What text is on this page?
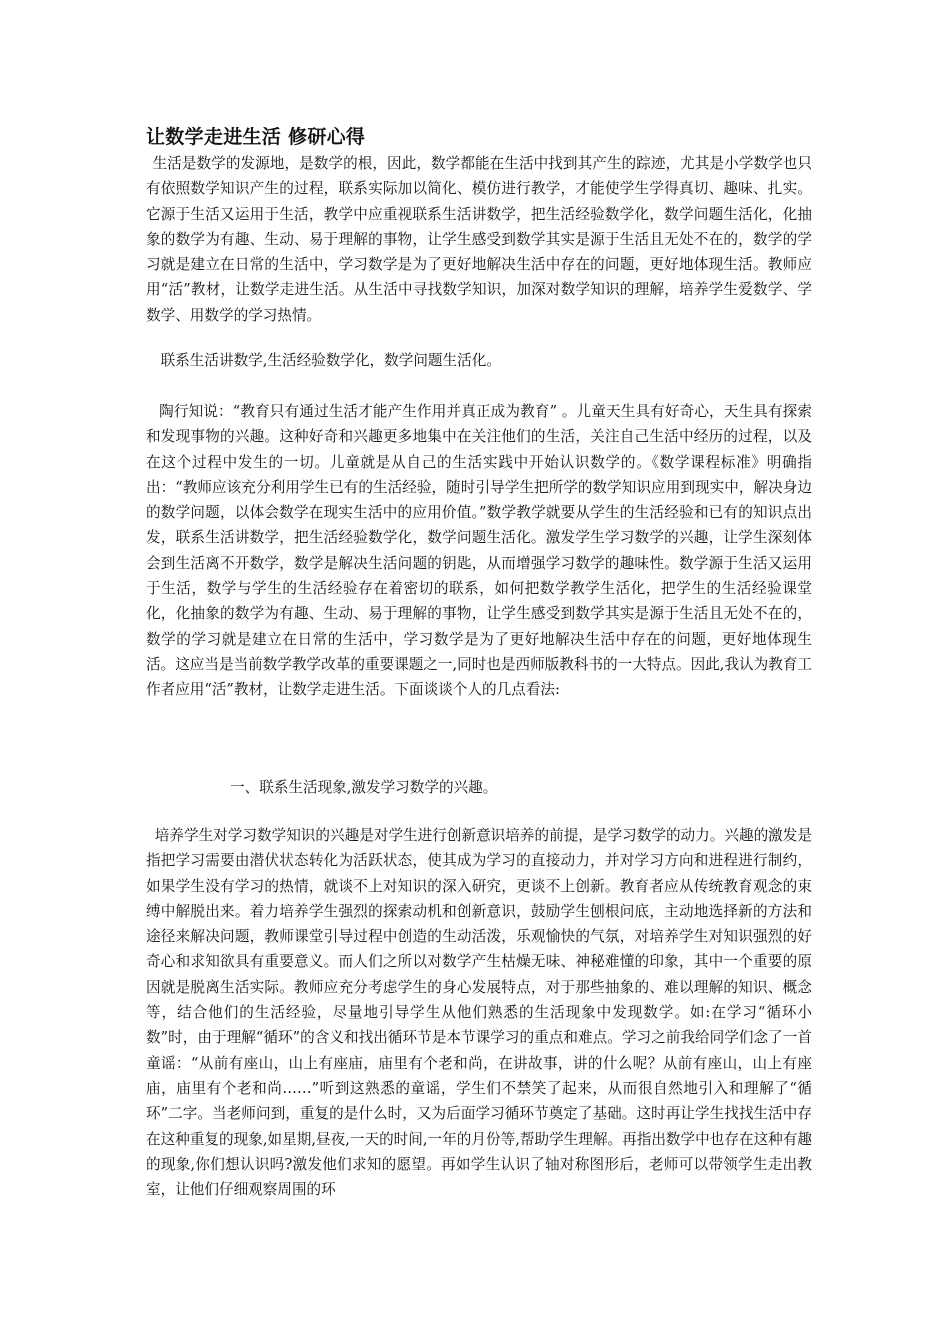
让数学走进生活 修研心得

生活是数学的发源地，是数学的根，因此，数学都能在生活中找到其产生的踪迹，尤其是小学数学也只有依照数学知识产生的过程，联系实际加以简化、模仿进行教学，才能使学生学得真切、趣味、扎实。它源于生活又运用于生活，教学中应重视联系生活讲数学，把生活经验数学化，数学问题生活化，化抽象的数学为有趣、生动、易于理解的事物，让学生感受到数学其实是源于生活且无处不在的，数学的学习就是建立在日常的生活中，学习数学是为了更好地解决生活中存在的问题，更好地体现生活。教师应用“活”教材，让数学走进生活。从生活中寻找数学知识，加深对数学知识的理解，培养学生爱数学、学数学、用数学的学习热情。

联系生活讲数学,生活经验数学化，数学问题生活化。

陶行知说：“教育只有通过生活才能产生作用并真正成为教育” 。儿童天生具有好奇心，天生具有探索和发现事物的兴趣。这种好奇和兴趣更多地集中在关注他们的生活，关注自己生活中经历的过程，以及在这个过程中发生的一切。儿童就是从自己的生活实践中开始认识数学的。《数学课程标准》明确指出：“教师应该充分利用学生已有的生活经验，随时引导学生把所学的数学知识应用到现实中，解决身边的数学问题，以体会数学在现实生活中的应用价值。”数学教学就要从学生的生活经验和已有的知识点出发，联系生活讲数学，把生活经验数学化，数学问题生活化。激发学生学习数学的兴趣，让学生深刻体会到生活离不开数学，数学是解决生活问题的钥匙，从而增强学习数学的趣味性。数学源于生活又运用于生活，数学与学生的生活经验存在着密切的联系，如何把数学教学生活化，把学生的生活经验课堂化，化抽象的数学为有趣、生动、易于理解的事物，让学生感受到数学其实是源于生活且无处不在的，数学的学习就是建立在日常的生活中，学习数学是为了更好地解决生活中存在的问题，更好地体现生活。这应当是当前数学教学改革的重要课题之一,同时也是西师版教科书的一大特点。因此,我认为教育工作者应用“活”教材，让数学走进生活。下面谈谈个人的几点看法:

一、联系生活现象,激发学习数学的兴趣。

培养学生对学习数学知识的兴趣是对学生进行创新意识培养的前提，是学习数学的动力。兴趣的激发是指把学习需要由潜伏状态转化为活跃状态，使其成为学习的直接动力，并对学习方向和进程进行制约，如果学生没有学习的热情，就谈不上对知识的深入研究，更谈不上创新。教育者应从传统教育观念的束缚中解脱出来。着力培养学生强烈的探索动机和创新意识，鼓励学生刨根问底，主动地选择新的方法和途径来解决问题，教师课堂引导过程中创造的生动活泼，乐观愉快的气氛，对培养学生对知识强烈的好奇心和求知欲具有重要意义。而人们之所以对数学产生枯燥无味、神秘难懂的印象，其中一个重要的原因就是脱离生活实际。教师应充分考虑学生的身心发展特点，对于那些抽象的、难以理解的知识、概念等，结合他们的生活经验，尽量地引导学生从他们熟悉的生活现象中发现数学。如:在学习“循环小数”时，由于理解“循环”的含义和找出循环节是本节课学习的重点和难点。学习之前我给同学们念了一首童谣：“从前有座山，山上有座庙，庙里有个老和尚，在讲故事，讲的什么呢？从前有座山，山上有座庙，庙里有个老和尚……”听到这熟悉的童谣，学生们不禁笑了起来，从而很自然地引入和理解了“循环”二字。当老师问到，重复的是什么时，又为后面学习循环节奠定了基础。这时再让学生找找生活中存在这种重复的现象,如星期,昼夜,一天的时间,一年的月份等,帮助学生理解。再指出数学中也存在这种有趣的现象,你们想认识吗?激发他们求知的愿望。再如学生认识了轴对称图形后，老师可以带领学生走出教室，让他们仔细观察周围的环
